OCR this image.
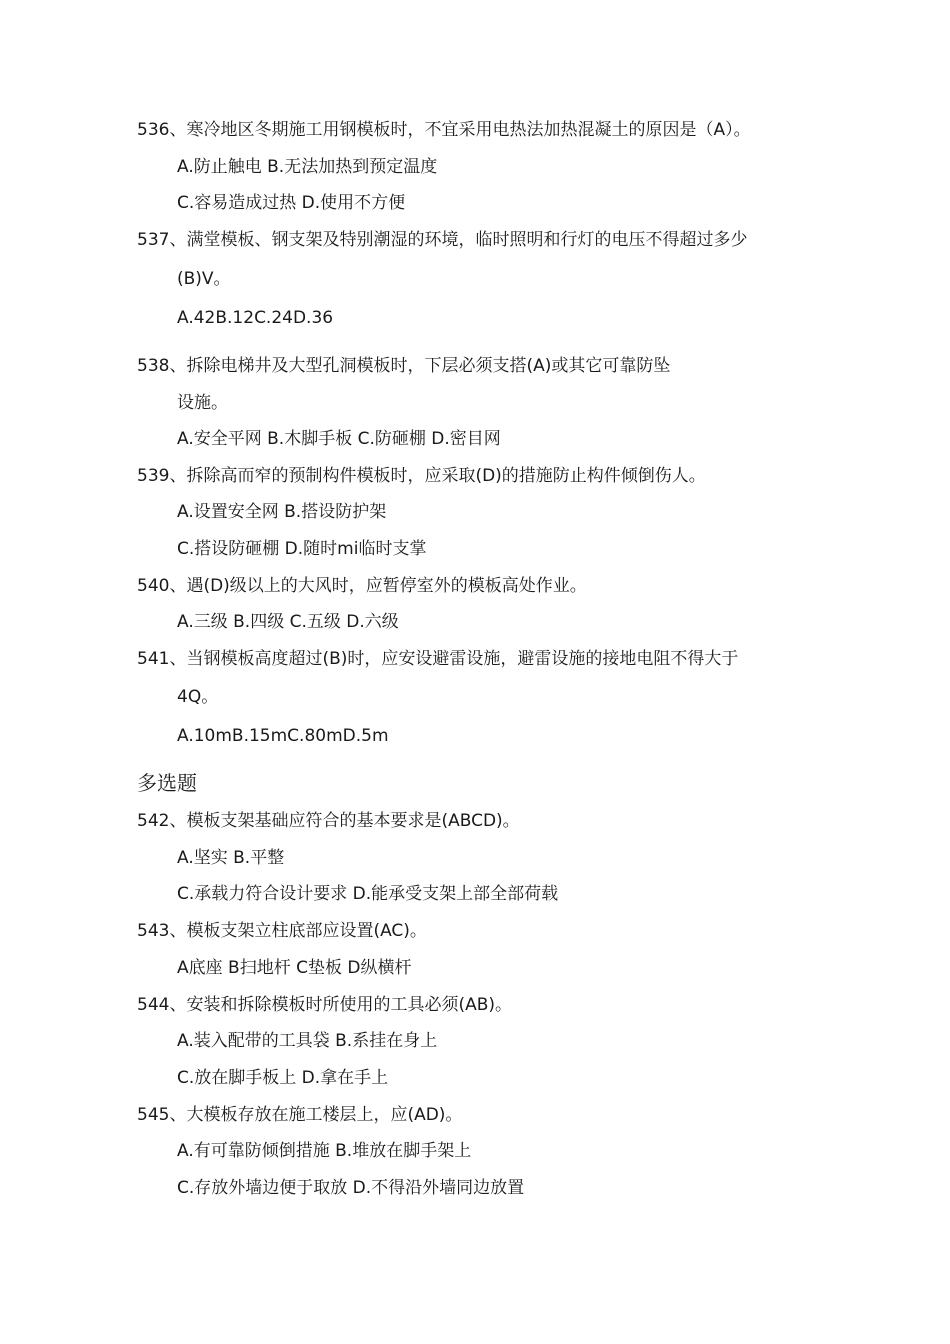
536、寒冷地区冬期施工用钢模板时，不宜采用电热法加热混凝土的原因是（A）。
A.防止触电 B.无法加热到预定温度
C.容易造成过热 D.使用不方便
537、满堂模板、钢支架及特别潮湿的环境，临时照明和行灯的电压不得超过多少
(B)V。
A.42B.12C.24D.36
538、拆除电梯井及大型孔洞模板时，下层必须支搭(A)或其它可靠防坠
设施。
A.安全平网 B.木脚手板 C.防砸棚 D.密目网
539、拆除高而窄的预制构件模板时，应采取(D)的措施防止构件倾倒伤人。
A.设置安全网 B.搭设防护架
C.搭设防砸棚 D.随时mi临时支掌
540、遇(D)级以上的大风时，应暂停室外的模板高处作业。
A.三级 B.四级 C.五级 D.六级
541、当钢模板高度超过(B)时，应安设避雷设施，避雷设施的接地电阻不得大于
4Q。
A.10mB.15mC.80mD.5m
多选题
542、模板支架基础应符合的基本要求是(ABCD)。
A.坚实 B.平整
C.承载力符合设计要求 D.能承受支架上部全部荷载
543、模板支架立柱底部应设置(AC)。
A底座 B扫地杆 C垫板 D纵横杆
544、安装和拆除模板时所使用的工具必须(AB)。
A.装入配带的工具袋 B.系挂在身上
C.放在脚手板上 D.拿在手上
545、大模板存放在施工楼层上，应(AD)。
A.有可靠防倾倒措施 B.堆放在脚手架上
C.存放外墙边便于取放 D.不得沿外墙同边放置
